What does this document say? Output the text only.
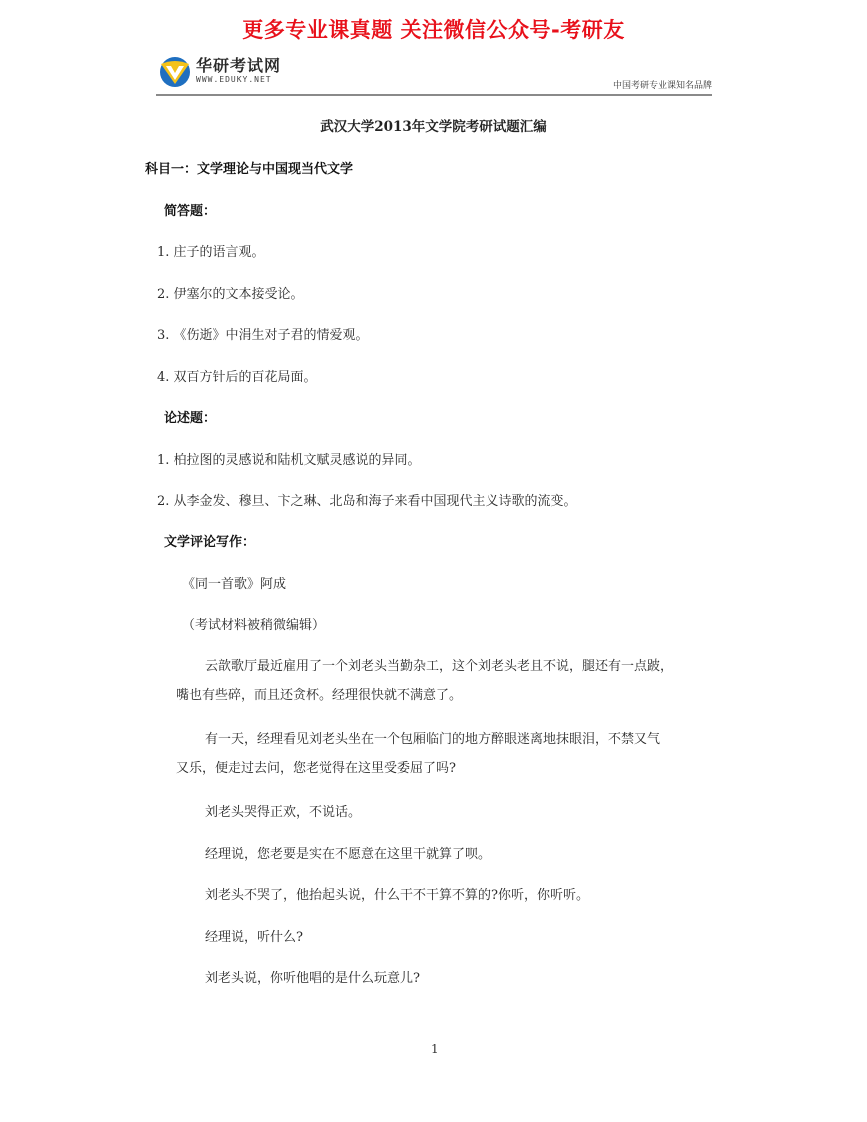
更多专业课真题 关注微信公众号-考研友
华研考试网
WWW.EDUKY.NET
中国考研专业课知名品牌
武汉大学2013年文学院考研试题汇编
科目一：文学理论与中国现当代文学
简答题：
1. 庄子的语言观。
2. 伊塞尔的文本接受论。
3. 《伤逝》中涓生对子君的情爱观。
4. 双百方针后的百花局面。
论述题：
1. 柏拉图的灵感说和陆机文赋灵感说的异同。
2. 从李金发、穆旦、卞之琳、北岛和海子来看中国现代主义诗歌的流变。
文学评论写作：
《同一首歌》阿成
（考试材料被稍微编辑）
云歆歌厅最近雇用了一个刘老头当勤杂工，这个刘老头老且不说，腿还有一点跛，
嘴也有些碎，而且还贪杯。经理很快就不满意了。
有一天，经理看见刘老头坐在一个包厢临门的地方醉眼迷离地抹眼泪，不禁又气
又乐，便走过去问，您老觉得在这里受委屈了吗?
刘老头哭得正欢，不说话。
经理说，您老要是实在不愿意在这里干就算了呗。
刘老头不哭了，他抬起头说，什么干不干算不算的?你听，你听听。
经理说，听什么?
刘老头说，你听他唱的是什么玩意儿?
1
